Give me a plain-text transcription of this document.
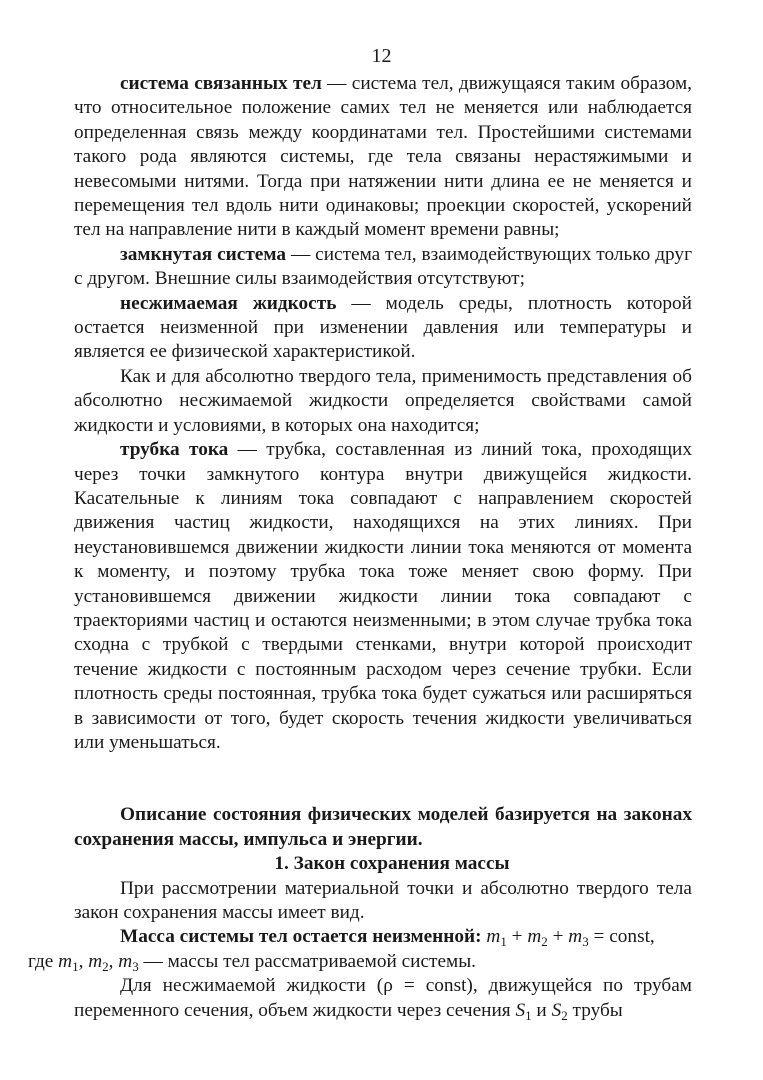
12

система связанных тел — система тел, движущаяся таким образом, что относительное положение самих тел не меняется или наблюдается определенная связь между координатами тел. Простейшими системами такого рода являются системы, где тела связаны нерастяжимыми и невесомыми нитями. Тогда при натяжении нити длина ее не меняется и перемещения тел вдоль нити одинаковы; проекции скоростей, ускорений тел на направление нити в каждый момент времени равны;

замкнутая система — система тел, взаимодействующих только друг с другом. Внешние силы взаимодействия отсутствуют;

несжимаемая жидкость — модель среды, плотность которой остается неизменной при изменении давления или температуры и является ее физической характеристикой.

Как и для абсолютно твердого тела, применимость представления об абсолютно несжимаемой жидкости определяется свойствами самой жидкости и условиями, в которых она находится;

трубка тока — трубка, составленная из линий тока, проходящих через точки замкнутого контура внутри движущейся жидкости. Касательные к линиям тока совпадают с направлением скоростей движения частиц жидкости, находящихся на этих линиях. При неустановившемся движении жидкости линии тока меняются от момента к моменту, и поэтому трубка тока тоже меняет свою форму. При установившемся движении жидкости линии тока совпадают с траекториями частиц и остаются неизменными; в этом случае трубка тока сходна с трубкой с твердыми стенками, внутри которой происходит течение жидкости с постоянным расходом через сечение трубки. Если плотность среды постоянная, трубка тока будет сужаться или расширяться в зависимости от того, будет скорость течения жидкости увеличиваться или уменьшаться.

Описание состояния физических моделей базируется на законах сохранения массы, импульса и энергии.

1. Закон сохранения массы

При рассмотрении материальной точки и абсолютно твердого тела закон сохранения массы имеет вид.

Масса системы тел остается неизменной: $m_1 + m_2 + m_3$ = const,
где $m_1$, $m_2$, $m_3$ — массы тел рассматриваемой системы.

Для несжимаемой жидкости (ρ = const), движущейся по трубам переменного сечения, объем жидкости через сечения $S_1$ и $S_2$ трубы
